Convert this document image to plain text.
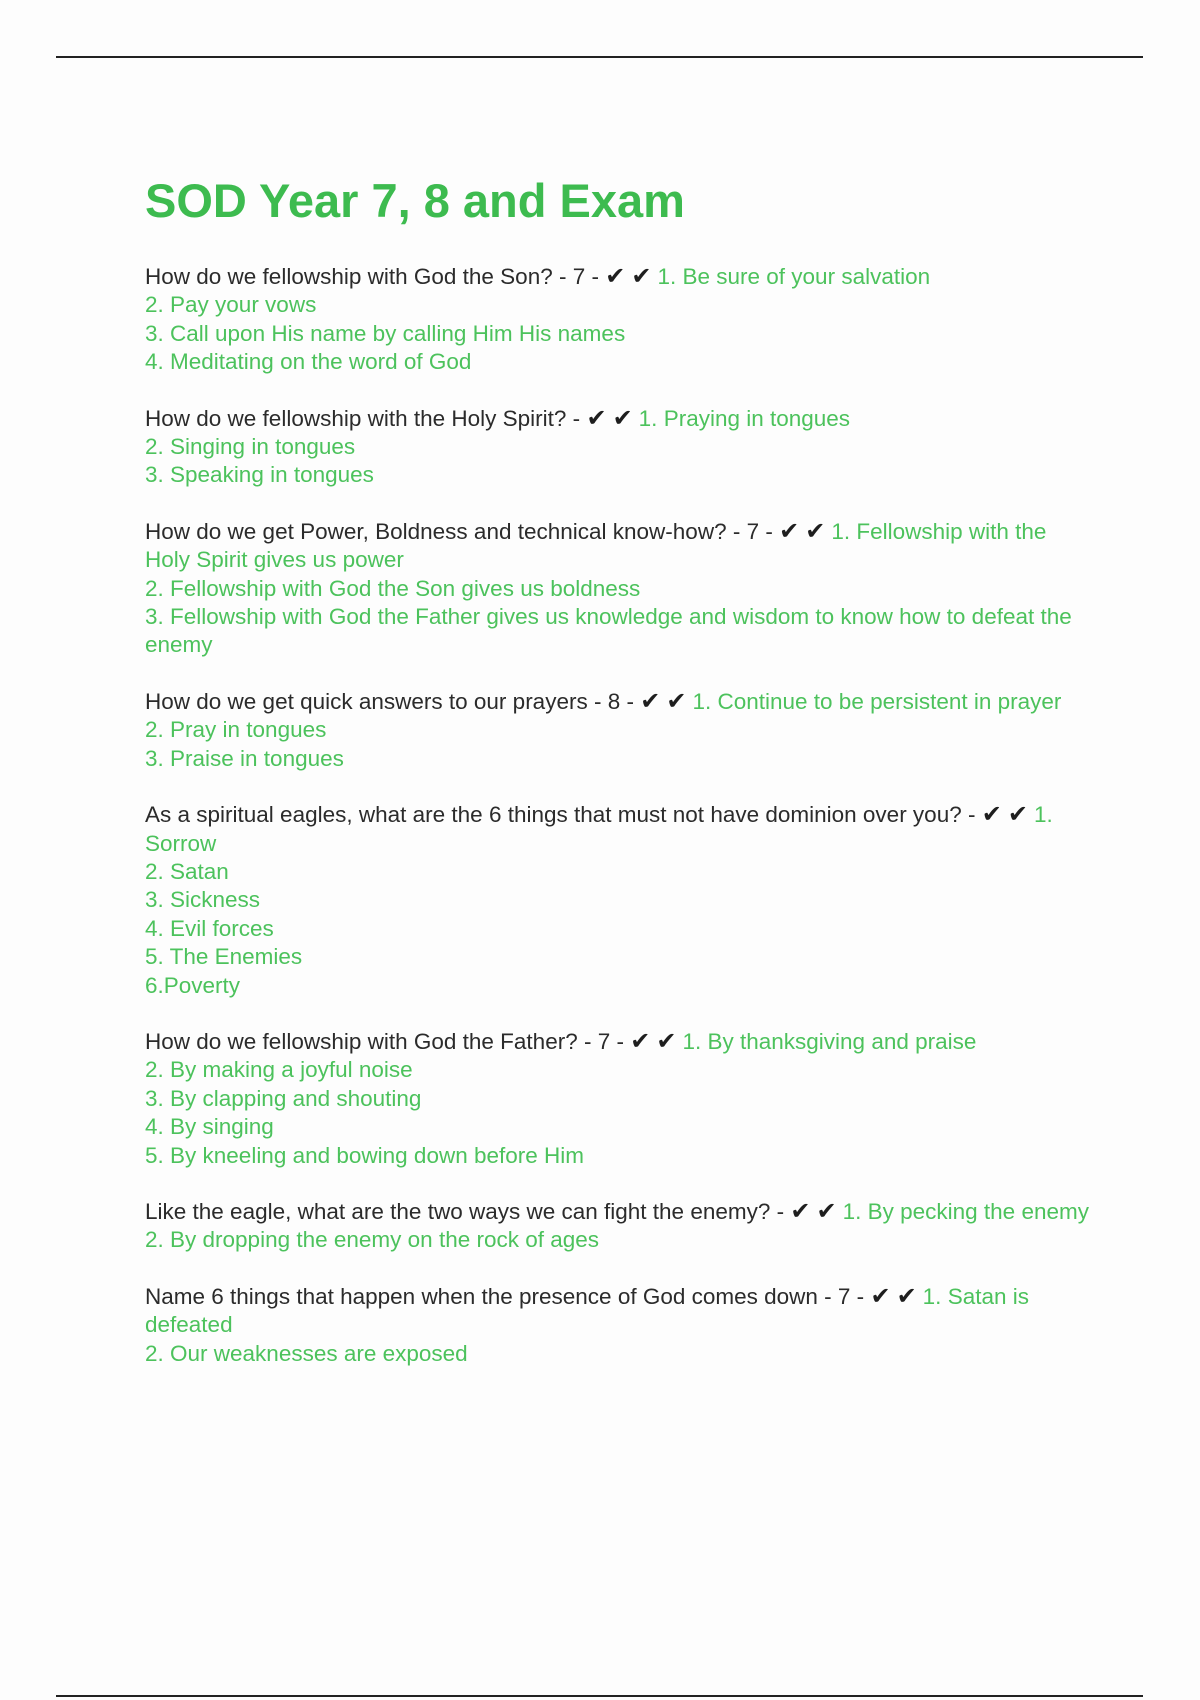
SOD Year 7, 8 and Exam
How do we fellowship with God the Son? - 7 - ✔ ✔ 1. Be sure of your salvation
2. Pay your vows
3. Call upon His name by calling Him His names
4. Meditating on the word of God
How do we fellowship with the Holy Spirit? - ✔ ✔ 1. Praying in tongues
2. Singing in tongues
3. Speaking in tongues
How do we get Power, Boldness and technical know-how? - 7 - ✔ ✔ 1. Fellowship with the Holy Spirit gives us power
2. Fellowship with God the Son gives us boldness
3. Fellowship with God the Father gives us knowledge and wisdom to know how to defeat the enemy
How do we get quick answers to our prayers - 8 - ✔ ✔ 1. Continue to be persistent in prayer
2. Pray in tongues
3. Praise in tongues
As a spiritual eagles, what are the 6 things that must not have dominion over you? - ✔ ✔ 1. Sorrow
2. Satan
3. Sickness
4. Evil forces
5. The Enemies
6.Poverty
How do we fellowship with God the Father? - 7 - ✔ ✔ 1. By thanksgiving and praise
2. By making a joyful noise
3. By clapping and shouting
4. By singing
5. By kneeling and bowing down before Him
Like the eagle, what are the two ways we can fight the enemy? - ✔ ✔ 1. By pecking the enemy
2. By dropping the enemy on the rock of ages
Name 6 things that happen when the presence of God comes down - 7 - ✔ ✔ 1. Satan is defeated
2. Our weaknesses are exposed
